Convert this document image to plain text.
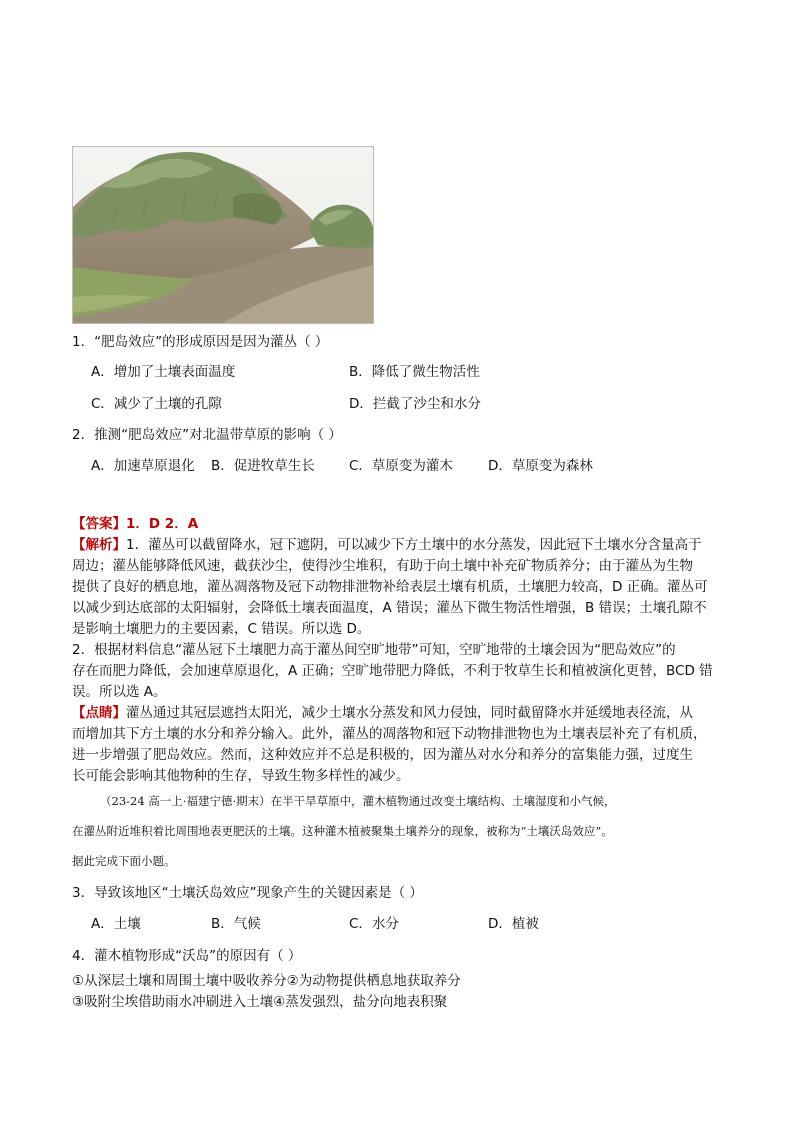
1．“肥岛效应”的形成原因是因为灌丛（ ）
A．增加了土壤表面温度	B．降低了微生物活性
C．减少了土壤的孔隙	D．拦截了沙尘和水分
2．推测“肥岛效应”对北温带草原的影响（ ）
A．加速草原退化 B．促进牧草生长	C．草原变为灌木	D．草原变为森林

【答案】1．D 2．A

【解析】1．灌丛可以截留降水，冠下遮阴，可以减少下方土壤中的水分蒸发，因此冠下土壤水分含量高于

周边；灌丛能够降低风速，截获沙尘，使得沙尘堆积，有助于向土壤中补充矿物质养分；由于灌丛为生物

提供了良好的栖息地，灌丛凋落物及冠下动物排泄物补给表层土壤有机质，土壤肥力较高，D 正确。灌丛可

以减少到达底部的太阳辐射，会降低土壤表面温度，A 错误；灌丛下微生物活性增强，B 错误；土壤孔隙不

是影响土壤肥力的主要因素，C 错误。所以选 D。

2．根据材料信息“灌丛冠下土壤肥力高于灌丛间空旷地带”可知，空旷地带的土壤会因为“肥岛效应”的

存在而肥力降低，会加速草原退化，A 正确；空旷地带肥力降低，不利于牧草生长和植被演化更替，BCD 错

误。所以选 A。

【点睛】灌丛通过其冠层遮挡太阳光，减少土壤水分蒸发和风力侵蚀，同时截留降水并延缓地表径流，从

而增加其下方土壤的水分和养分输入。此外，灌丛的凋落物和冠下动物排泄物也为土壤表层补充了有机质，

进一步增强了肥岛效应。然而，这种效应并不总是积极的，因为灌丛对水分和养分的富集能力强，过度生

长可能会影响其他物种的生存，导致生物多样性的减少。

（23-24 高一上·福建宁德·期末）在半干旱草原中，灌木植物通过改变土壤结构、土壤湿度和小气候，
在灌丛附近堆积着比周围地表更肥沃的土壤。这种灌木植被聚集土壤养分的现象，被称为“土壤沃岛效应”。
据此完成下面小题。
3．导致该地区“土壤沃岛效应”现象产生的关键因素是（ ）
A．土壤	B．气候	C．水分	D．植被
4．灌木植物形成“沃岛”的原因有（ ）
①从深层土壤和周围土壤中吸收养分②为动物提供栖息地获取养分
③吸附尘埃借助雨水冲刷进入土壤④蒸发强烈，盐分向地表积聚
